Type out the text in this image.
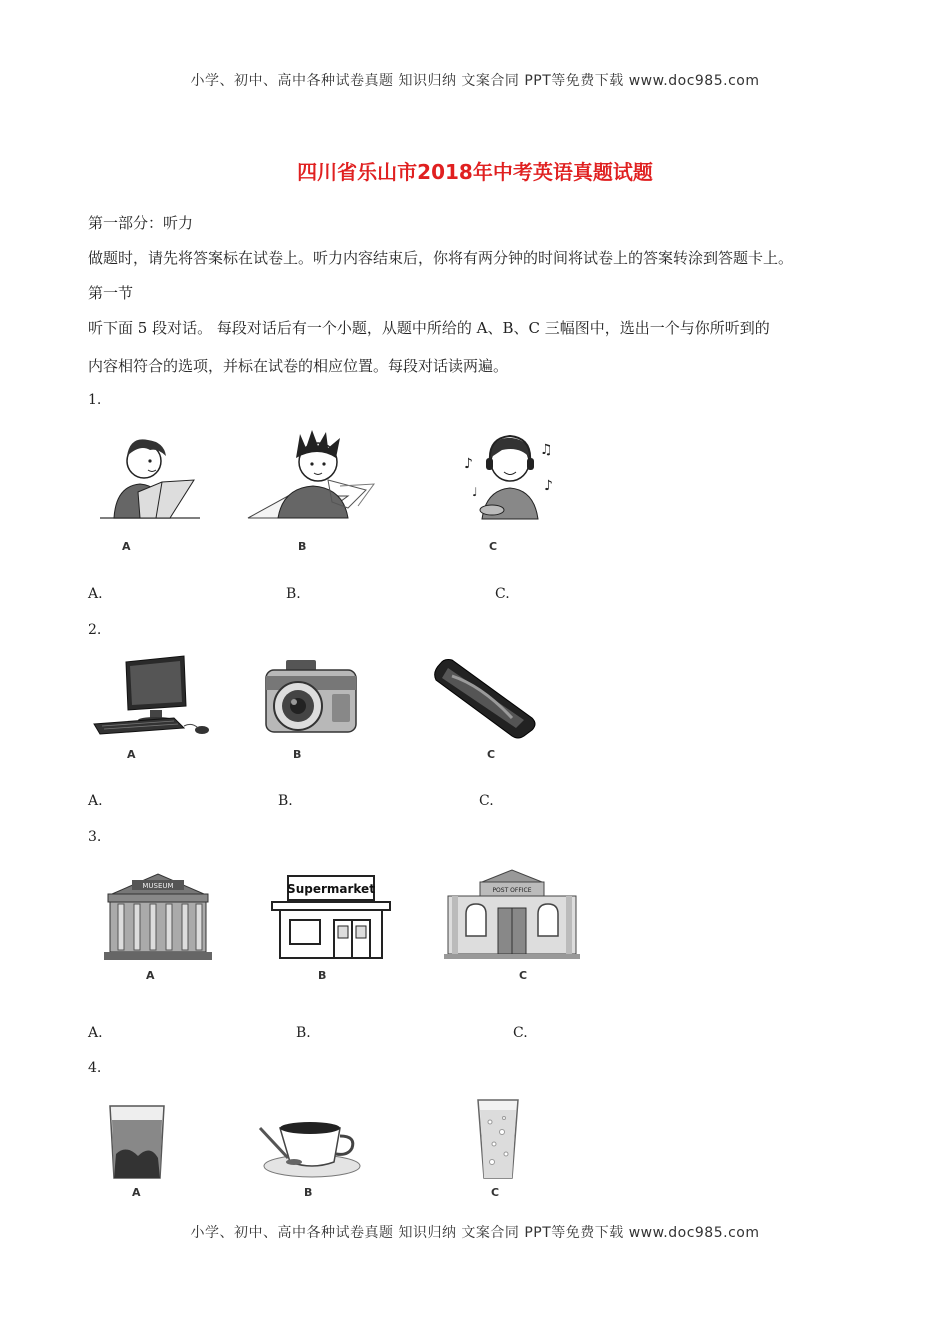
小学、初中、高中各种试卷真题 知识归纳 文案合同 PPT等免费下载 www.doc985.com
小学、初中、高中各种试卷真题 知识归纳 文案合同 PPT等免费下载 www.doc985.com
四川省乐山市2018年中考英语真题试题
第一部分：听力
做题时，请先将答案标在试卷上。听力内容结束后，你将有两分钟的时间将试卷上的答案转涂到答题卡上。
第一节
听下面 5 段对话。 每段对话后有一个小题，从题中所给的 A、B、C 三幅图中，选出一个与你所听到的
内容相符合的选项，并标在试卷的相应位置。每段对话读两遍。
1.
A	B
♪
♫
♪
♩
C
A.	B.	C.
2.
A	B	C
A.	B.	C.
3.
MUSEUM
A
Supermarket
B
POST OFFICE
C
A.	B.	C.
4.
A	B	C
